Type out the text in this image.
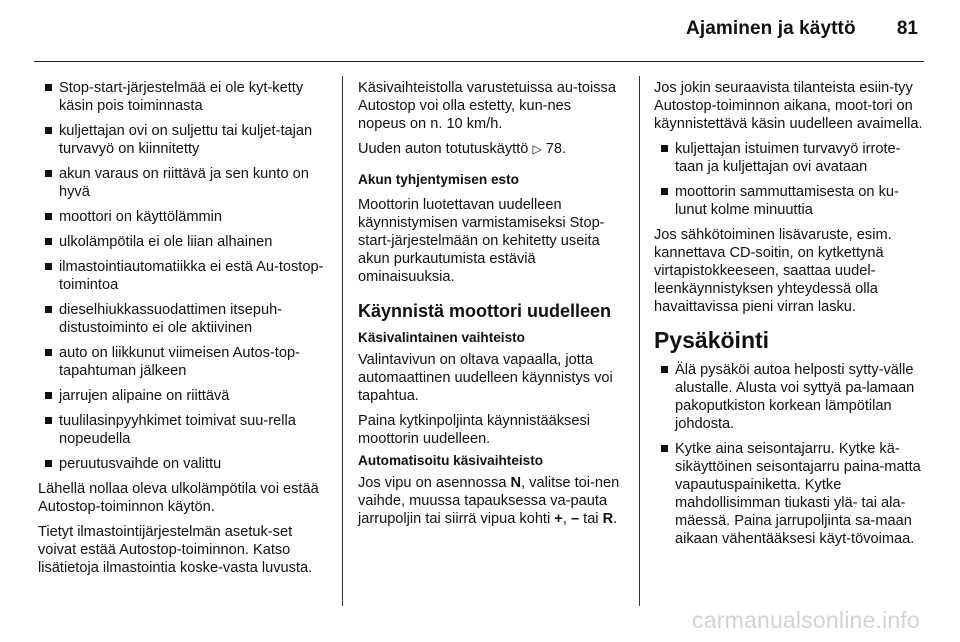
Ajaminen ja käyttö 81
Stop-start-järjestelmää ei ole kyt-ketty käsin pois toiminnasta
kuljettajan ovi on suljettu tai kuljet-tajan turvavyö on kiinnitetty
akun varaus on riittävä ja sen kunto on hyvä
moottori on käyttölämmin
ulkolämpötila ei ole liian alhainen
ilmastointiautomatiikka ei estä Au-tostop-toimintoa
dieselhiukkassuodattimen itsepuh-distustoiminto ei ole aktiivinen
auto on liikkunut viimeisen Autos-top-tapahtuman jälkeen
jarrujen alipaine on riittävä
tuulilasinpyyhkimet toimivat suu-rella nopeudella
peruutusvaihde on valittu

Lähellä nollaa oleva ulkolämpötila voi estää Autostop-toiminnon käytön.

Tietyt ilmastointijärjestelmän asetuk-set voivat estää Autostop-toiminnon. Katso lisätietoja ilmastointia koske-vasta luvusta.

Käsivaihteistolla varustetuissa au-toissa Autostop voi olla estetty, kun-nes nopeus on n. 10 km/h.

Uuden auton totutuskäyttö ▷ 78.

Akun tyhjentymisen esto

Moottorin luotettavan uudelleen käynnistymisen varmistamiseksi Stop-start-järjestelmään on kehitetty useita akun purkautumista estäviä ominaisuuksia.

Käynnistä moottori uudelleen

Käsivalintainen vaihteisto

Valintavivun on oltava vapaalla, jotta automaattinen uudelleen käynnistys voi tapahtua.

Paina kytkinpoljinta käynnistääksesi moottorin uudelleen.

Automatisoitu käsivaihteisto

Jos vipu on asennossa N, valitse toi-nen vaihde, muussa tapauksessa va-pauta jarrupoljin tai siirrä vipua kohti +, – tai R.

Jos jokin seuraavista tilanteista esiin-tyy Autostop-toiminnon aikana, moot-tori on käynnistettävä käsin uudelleen avaimella.

kuljettajan istuimen turvavyö irrote-taan ja kuljettajan ovi avataan
moottorin sammuttamisesta on ku-lunut kolme minuuttia

Jos sähkötoiminen lisävaruste, esim. kannettava CD-soitin, on kytkettynä virtapistokkeeseen, saattaa uudel-leenkäynnistyksen yhteydessä olla havaittavissa pieni virran lasku.

Pysäköinti

Älä pysäköi autoa helposti sytty-välle alustalle. Alusta voi syttyä pa-lamaan pakoputkiston korkean lämpötilan johdosta.
Kytke aina seisontajarru. Kytke kä-sikäyttöinen seisontajarru paina-matta vapautuspainiketta. Kytke mahdollisimman tiukasti ylä- tai ala-mäessä. Paina jarrupoljinta sa-maan aikaan vähentääksesi käyt-tövoimaa.
carmanualsonline.info
